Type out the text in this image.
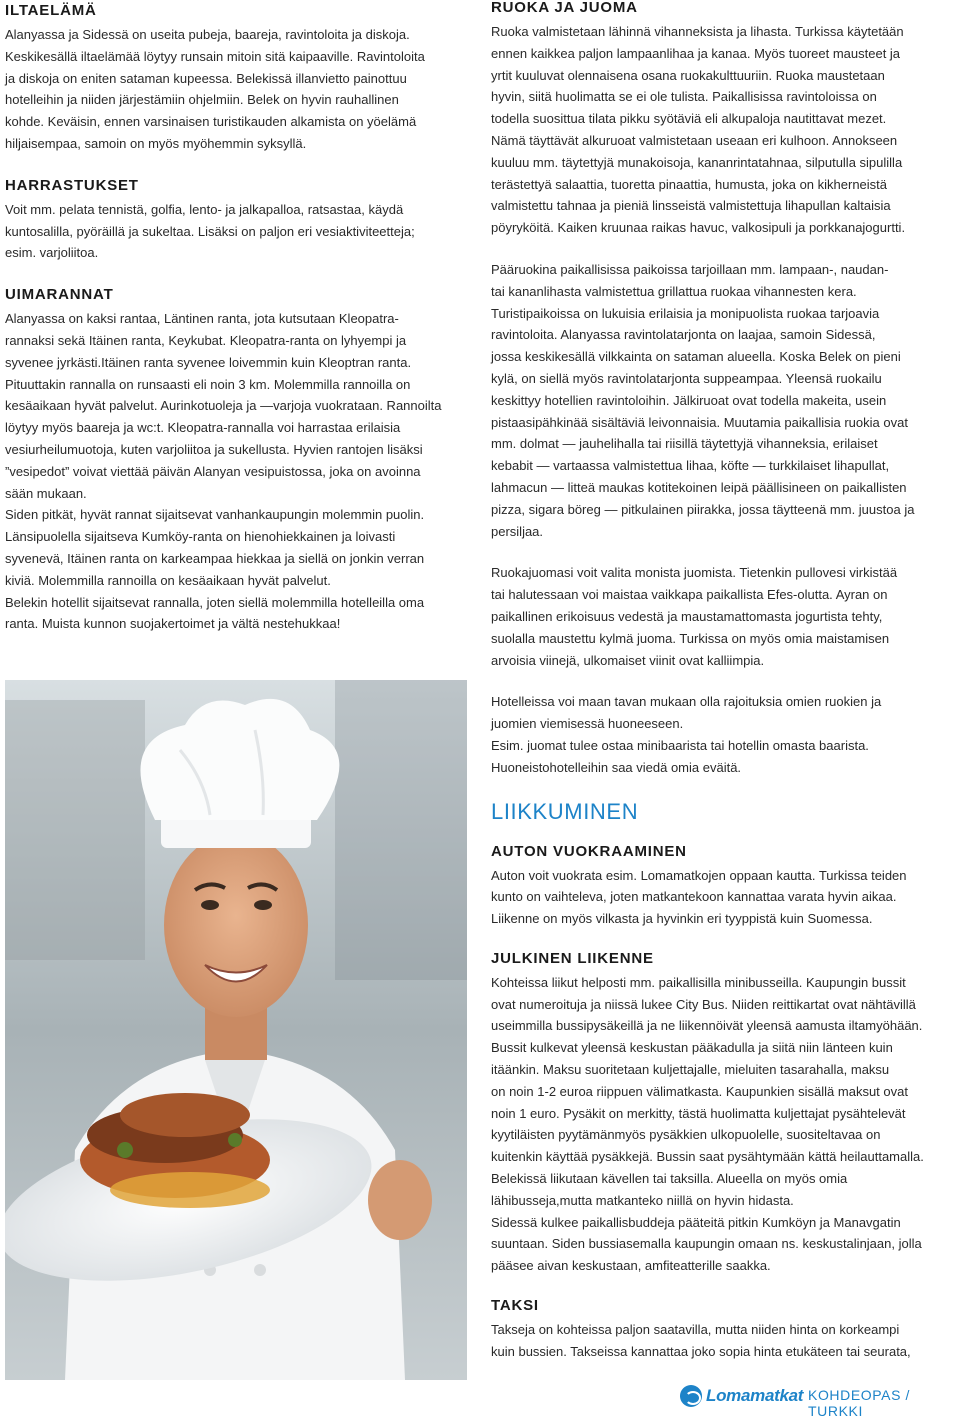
ILTAELÄMÄ

Alanyassa ja Sidessä on useita pubeja, baareja, ravintoloita ja diskoja.

Keskikesällä iltaelämää löytyy runsain mitoin sitä kaipaaville. Ravintoloita

ja diskoja on eniten sataman kupeessa. Belekissä illanvietto painottuu

hotelleihin ja niiden järjestämiin ohjelmiin. Belek on hyvin rauhallinen

kohde. Keväisin, ennen varsinaisen turistikauden alkamista on yöelämä

hiljaisempaa, samoin on myös myöhemmin syksyllä.

HARRASTUKSET

Voit mm. pelata tennistä, golfia, lento- ja jalkapalloa, ratsastaa, käydä

kuntosalilla, pyöräillä ja sukeltaa. Lisäksi on paljon eri vesiaktiviteetteja;

esim. varjoliitoa.

UIMARANNAT

Alanyassa on kaksi rantaa, Läntinen ranta, jota kutsutaan Kleopatra-

rannaksi sekä Itäinen ranta, Keykubat. Kleopatra-ranta on lyhyempi ja

syvenee jyrkästi.Itäinen ranta syvenee loivemmin kuin Kleoptran ranta.

Pituuttakin rannalla on runsaasti eli noin 3 km. Molemmilla rannoilla on

kesäaikaan hyvät palvelut. Aurinkotuoleja ja —varjoja vuokrataan. Rannoilta

löytyy myös baareja ja wc:t. Kleopatra-rannalla voi harrastaa erilaisia

vesiurheilumuotoja, kuten varjoliitoa ja sukellusta. Hyvien rantojen lisäksi

”vesipedot” voivat viettää päivän Alanyan vesipuistossa, joka on avoinna

sään mukaan.

Siden pitkät, hyvät rannat sijaitsevat vanhankaupungin molemmin puolin.

Länsipuolella sijaitseva Kumköy-ranta on hienohiekkainen ja loivasti

syvenevä, Itäinen ranta on karkeampaa hiekkaa ja siellä on jonkin verran

kiviä. Molemmilla rannoilla on kesäaikaan hyvät palvelut.

Belekin hotellit sijaitsevat rannalla, joten siellä molemmilla hotelleilla oma

ranta. Muista kunnon suojakertoimet ja vältä nestehukkaa!

RUOKA JA JUOMA

Ruoka valmistetaan lähinnä vihanneksista ja lihasta. Turkissa käytetään

ennen kaikkea paljon lampaanlihaa ja kanaa. Myös tuoreet mausteet ja

yrtit kuuluvat olennaisena osana ruokakulttuuriin. Ruoka maustetaan

hyvin, siitä huolimatta se ei ole tulista. Paikallisissa ravintoloissa on

todella suosittua tilata pikku syötäviä eli alkupaloja nautittavat mezet.

Nämä täyttävät alkuruoat valmistetaan useaan eri kulhoon. Annokseen

kuuluu mm. täytettyjä munakoisoja, kananrintatahnaa, silputulla sipulilla

terästettyä salaattia, tuoretta pinaattia, humusta, joka on kikherneistä

valmistettu tahnaa ja pieniä linsseistä valmistettuja lihapullan kaltaisia

pöyryköitä. Kaiken kruunaa raikas havuc, valkosipuli ja porkkanajogurtti.

Pääruokina paikallisissa paikoissa tarjoillaan mm. lampaan-, naudan-

tai kananlihasta valmistettua grillattua ruokaa vihannesten kera.

Turistipaikoissa on lukuisia erilaisia ja monipuolista ruokaa tarjoavia

ravintoloita. Alanyassa ravintolatarjonta on laajaa, samoin Sidessä,

jossa keskikesällä vilkkainta on sataman alueella. Koska Belek on pieni

kylä, on siellä myös ravintolatarjonta suppeampaa. Yleensä ruokailu

keskittyy hotellien ravintoloihin. Jälkiruoat ovat todella makeita, usein

pistaasipähkinää sisältäviä leivonnaisia. Muutamia paikallisia ruokia ovat

mm. dolmat — jauhelihalla tai riisillä täytettyjä vihanneksia, erilaiset

kebabit — vartaassa valmistettua lihaa, köfte — turkkilaiset lihapullat,

lahmacun — litteä maukas kotitekoinen leipä päällisineen on paikallisten

pizza, sigara böreg — pitkulainen piirakka, jossa täytteenä mm. juustoa ja

persiljaa.

Ruokajuomasi voit valita monista juomista. Tietenkin pullovesi virkistää

tai halutessaan voi maistaa vaikkapa paikallista Efes-olutta. Ayran on

paikallinen erikoisuus vedestä ja maustamattomasta jogurtista tehty,

suolalla maustettu kylmä juoma. Turkissa on myös omia maistamisen

arvoisia viinejä, ulkomaiset viinit ovat kalliimpia.

Hotelleissa voi maan tavan mukaan olla rajoituksia omien ruokien ja

juomien viemisessä huoneeseen.

Esim. juomat tulee ostaa minibaarista tai hotellin omasta baarista.

Huoneistohotelleihin saa viedä omia eväitä.

LIIKKUMINEN
AUTON VUOKRAAMINEN

Auton voit vuokrata esim. Lomamatkojen oppaan kautta. Turkissa teiden

kunto on vaihteleva, joten matkantekoon kannattaa varata hyvin aikaa.

Liikenne on myös vilkasta ja hyvinkin eri tyyppistä kuin Suomessa.

JULKINEN LIIKENNE

Kohteissa liikut helposti mm. paikallisilla minibusseilla. Kaupungin bussit

ovat numeroituja ja niissä lukee City Bus. Niiden reittikartat ovat nähtävillä

useimmilla bussipysäkeillä ja ne liikennöivät yleensä aamusta iltamyöhään.

Bussit kulkevat yleensä keskustan pääkadulla ja siitä niin länteen kuin

itäänkin. Maksu suoritetaan kuljettajalle, mieluiten tasarahalla, maksu

on noin 1-2 euroa riippuen välimatkasta. Kaupunkien sisällä maksut ovat

noin 1 euro. Pysäkit on merkitty, tästä huolimatta kuljettajat pysähtelevät

kyytiläisten pyytämänmyös pysäkkien ulkopuolelle, suositeltavaa on

kuitenkin käyttää pysäkkejä. Bussin saat pysähtymään kättä heilauttamalla.

Belekissä liikutaan kävellen tai taksilla. Alueella on myös omia

lähibusseja,mutta matkanteko niillä on hyvin hidasta.

Sidessä kulkee paikallisbuddeja pääteitä pitkin Kumköyn ja Manavgatin

suuntaan. Siden bussiasemalla kaupungin omaan ns. keskustalinjaan, jolla

pääsee aivan keskustaan, amfiteatterille saakka.

TAKSI

Takseja on kohteissa paljon saatavilla, mutta niiden hinta on korkeampi

kuin bussien. Takseissa kannattaa joko sopia hinta etukäteen tai seurata,

Lomamatkat KOHDEOPAS / TURKKI
